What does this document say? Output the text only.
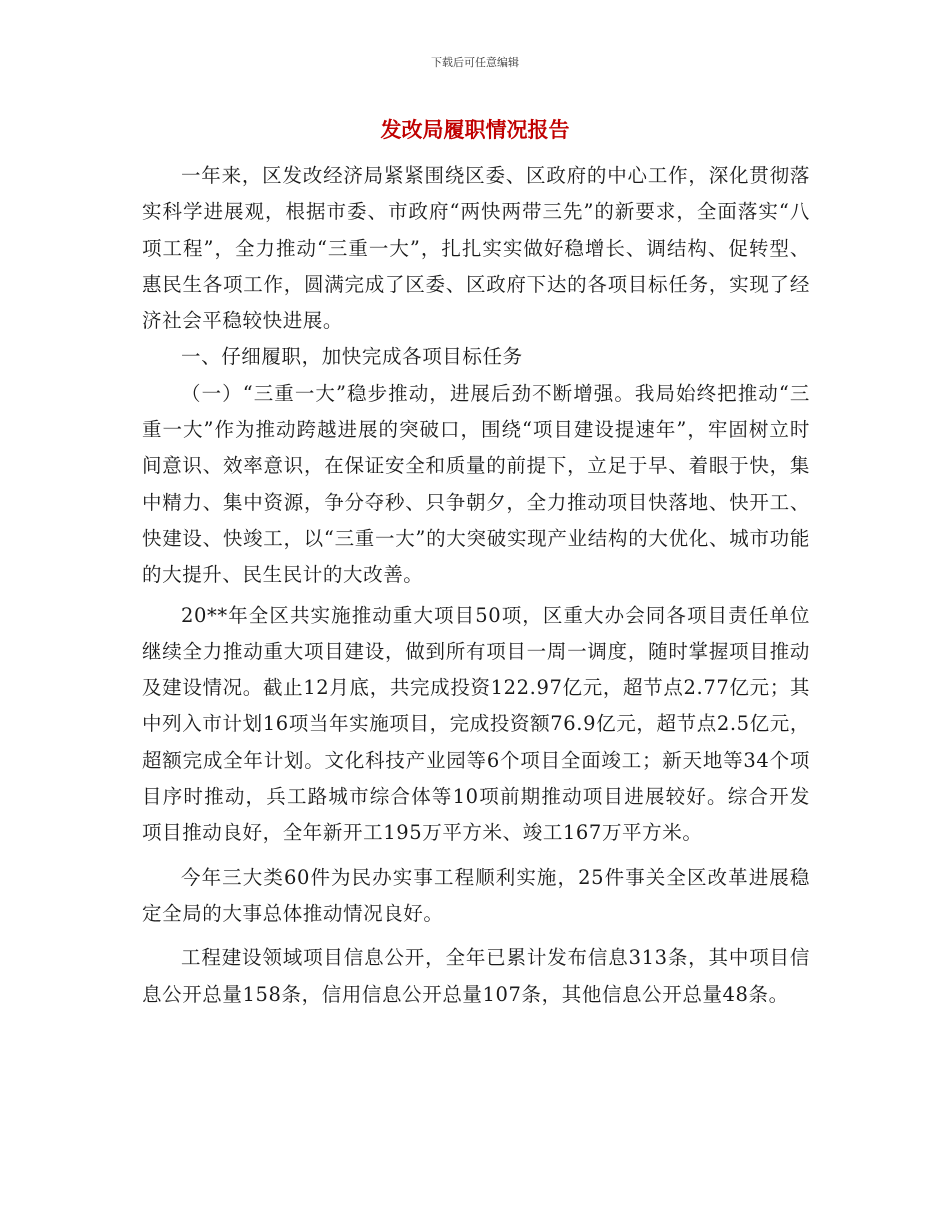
下载后可任意编辑
发改局履职情况报告

一年来，区发改经济局紧紧围绕区委、区政府的中心工作，深化贯彻落实科学进展观，根据市委、市政府“两快两带三先”的新要求，全面落实“八项工程”，全力推动“三重一大”，扎扎实实做好稳增长、调结构、促转型、惠民生各项工作，圆满完成了区委、区政府下达的各项目标任务，实现了经济社会平稳较快进展。

一、仔细履职，加快完成各项目标任务

（一）“三重一大”稳步推动，进展后劲不断增强。我局始终把推动“三重一大”作为推动跨越进展的突破口，围绕“项目建设提速年”，牢固树立时间意识、效率意识，在保证安全和质量的前提下，立足于早、着眼于快，集中精力、集中资源，争分夺秒、只争朝夕，全力推动项目快落地、快开工、快建设、快竣工，以“三重一大”的大突破实现产业结构的大优化、城市功能的大提升、民生民计的大改善。

20**年全区共实施推动重大项目50项，区重大办会同各项目责任单位继续全力推动重大项目建设，做到所有项目一周一调度，随时掌握项目推动及建设情况。截止12月底，共完成投资122.97亿元，超节点2.77亿元；其中列入市计划16项当年实施项目，完成投资额76.9亿元，超节点2.5亿元，超额完成全年计划。文化科技产业园等6个项目全面竣工；新天地等34个项目序时推动，兵工路城市综合体等10项前期推动项目进展较好。综合开发项目推动良好，全年新开工195万平方米、竣工167万平方米。

今年三大类60件为民办实事工程顺利实施，25件事关全区改革进展稳定全局的大事总体推动情况良好。

工程建设领域项目信息公开，全年已累计发布信息313条，其中项目信息公开总量158条，信用信息公开总量107条，其他信息公开总量48条。
